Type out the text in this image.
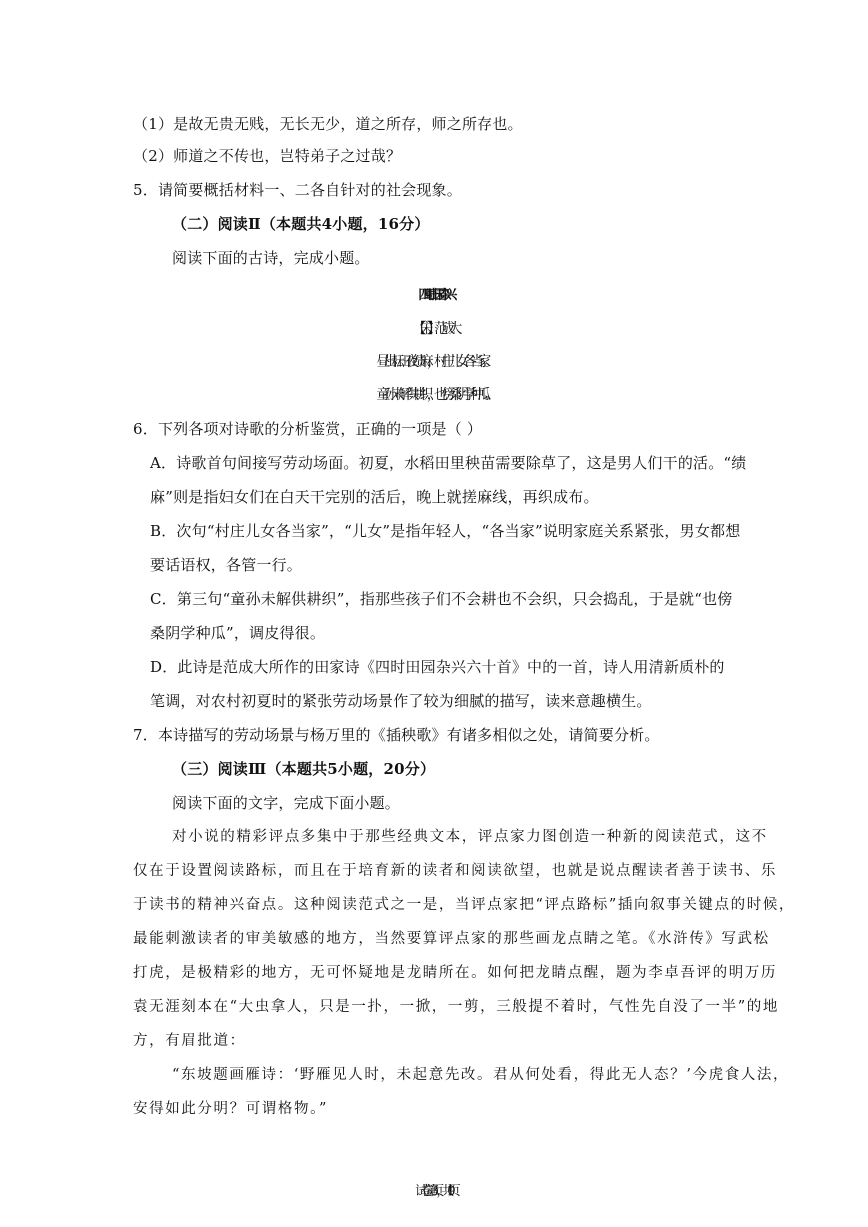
（1）是故无贵无贱，无长无少，道之所存，师之所存也。
（2）师道之不传也，岂特弟子之过哉？
5．请简要概括材料一、二各自针对的社会现象。
（二）阅读Ⅱ（本题共4小题，16分）
阅读下面的古诗，完成小题。
四时田园杂兴
【宋】范成大
昼出耘田夜绩麻，村庄儿女各当家。
童孙未解供耕织，也傍桑阴学种瓜。
6．下列各项对诗歌的分析鉴赏，正确的一项是（ ）
A．诗歌首句间接写劳动场面。初夏，水稻田里秧苗需要除草了，这是男人们干的活。“绩
麻”则是指妇女们在白天干完别的活后，晚上就搓麻线，再织成布。
B．次句“村庄儿女各当家”，“儿女”是指年轻人，“各当家”说明家庭关系紧张，男女都想
要话语权，各管一行。
C．第三句“童孙未解供耕织”，指那些孩子们不会耕也不会织，只会捣乱，于是就“也傍
桑阴学种瓜”，调皮得很。
D．此诗是范成大所作的田家诗《四时田园杂兴六十首》中的一首，诗人用清新质朴的
笔调，对农村初夏时的紧张劳动场景作了较为细腻的描写，读来意趣横生。
7．本诗描写的劳动场景与杨万里的《插秧歌》有诸多相似之处，请简要分析。
（三）阅读Ⅲ（本题共5小题，20分）
阅读下面的文字，完成下面小题。
对小说的精彩评点多集中于那些经典文本，评点家力图创造一种新的阅读范式，这不
仅在于设置阅读路标，而且在于培育新的读者和阅读欲望，也就是说点醒读者善于读书、乐
于读书的精神兴奋点。这种阅读范式之一是，当评点家把“评点路标”插向叙事关键点的时候，
最能刺激读者的审美敏感的地方，当然要算评点家的那些画龙点睛之笔。《水浒传》写武松
打虎，是极精彩的地方，无可怀疑地是龙睛所在。如何把龙睛点醒，题为李卓吾评的明万历
袁无涯刻本在“大虫拿人，只是一扑，一掀，一剪，三般提不着时，气性先自没了一半”的地
方，有眉批道：
“东坡题画雁诗：‘野雁见人时，未起意先改。君从何处看，得此无人态？’今虎食人法，
安得如此分明？可谓格物。”
试卷第3页，共10页
